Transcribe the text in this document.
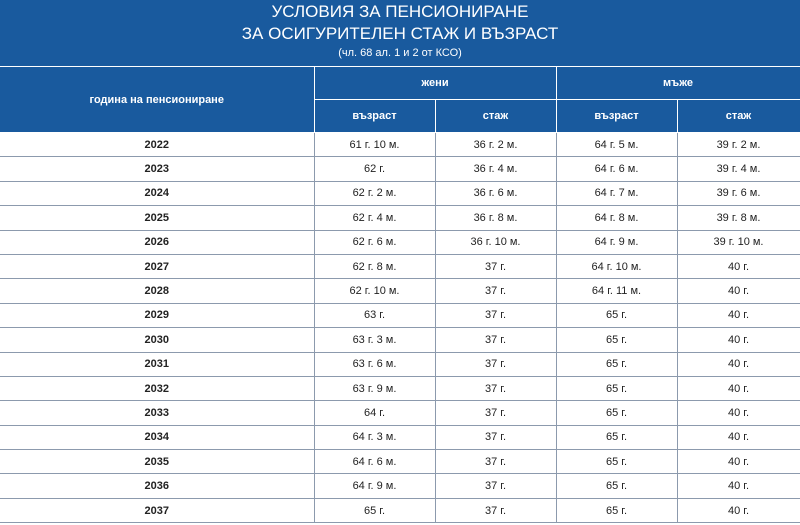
УСЛОВИЯ ЗА ПЕНСИОНИРАНЕ
ЗА ОСИГУРИТЕЛЕН СТАЖ И ВЪЗРАСТ
(чл. 68 ал. 1 и 2 от КСО)
година на пенсиониране	жени		мъже	
	възраст	стаж	възраст	стаж
2022	61 г. 10 м.	36 г. 2 м.	64 г. 5 м.	39 г. 2 м.
2023	62 г.	36 г. 4 м.	64 г. 6 м.	39 г. 4 м.
2024	62 г. 2 м.	36 г. 6 м.	64 г. 7 м.	39 г. 6 м.
2025	62 г. 4 м.	36 г. 8 м.	64 г. 8 м.	39 г. 8 м.
2026	62 г. 6 м.	36 г. 10 м.	64 г. 9 м.	39 г. 10 м.
2027	62 г. 8 м.	37 г.	64 г. 10 м.	40 г.
2028	62 г. 10 м.	37 г.	64 г. 11 м.	40 г.
2029	63 г.	37 г.	65 г.	40 г.
2030	63 г. 3 м.	37 г.	65 г.	40 г.
2031	63 г. 6 м.	37 г.	65 г.	40 г.
2032	63 г. 9 м.	37 г.	65 г.	40 г.
2033	64 г.	37 г.	65 г.	40 г.
2034	64 г. 3 м.	37 г.	65 г.	40 г.
2035	64 г. 6 м.	37 г.	65 г.	40 г.
2036	64 г. 9 м.	37 г.	65 г.	40 г.
2037	65 г.	37 г.	65 г.	40 г.
